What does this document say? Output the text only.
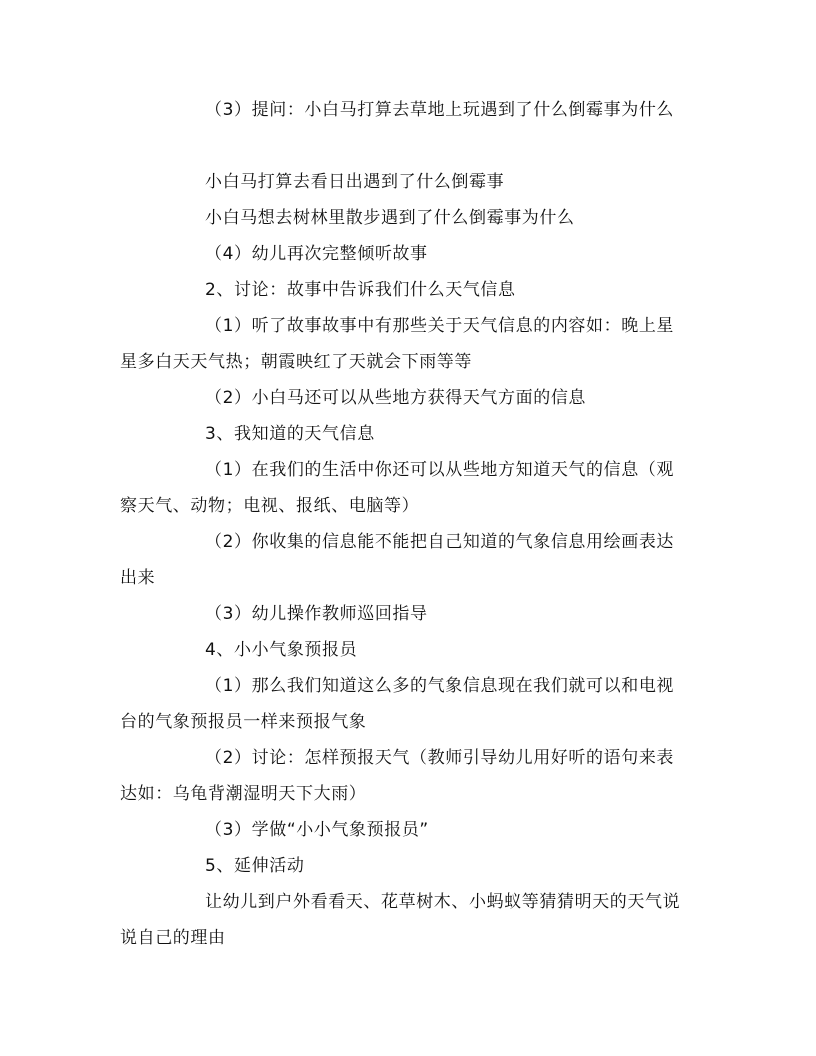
（3）提问：小白马打算去草地上玩遇到了什么倒霉事为什么

小白马打算去看日出遇到了什么倒霉事

小白马想去树林里散步遇到了什么倒霉事为什么

（4）幼儿再次完整倾听故事

2、讨论：故事中告诉我们什么天气信息

（1）听了故事故事中有那些关于天气信息的内容如：晚上星星多白天天气热；朝霞映红了天就会下雨等等

（2）小白马还可以从些地方获得天气方面的信息

3、我知道的天气信息

（1）在我们的生活中你还可以从些地方知道天气的信息（观察天气、动物；电视、报纸、电脑等）

（2）你收集的信息能不能把自己知道的气象信息用绘画表达出来

（3）幼儿操作教师巡回指导

4、小小气象预报员

（1）那么我们知道这么多的气象信息现在我们就可以和电视台的气象预报员一样来预报气象

（2）讨论：怎样预报天气（教师引导幼儿用好听的语句来表达如：乌龟背潮湿明天下大雨）

（3）学做“小小气象预报员”

5、延伸活动

让幼儿到户外看看天、花草树木、小蚂蚁等猜猜明天的天气说说自己的理由
